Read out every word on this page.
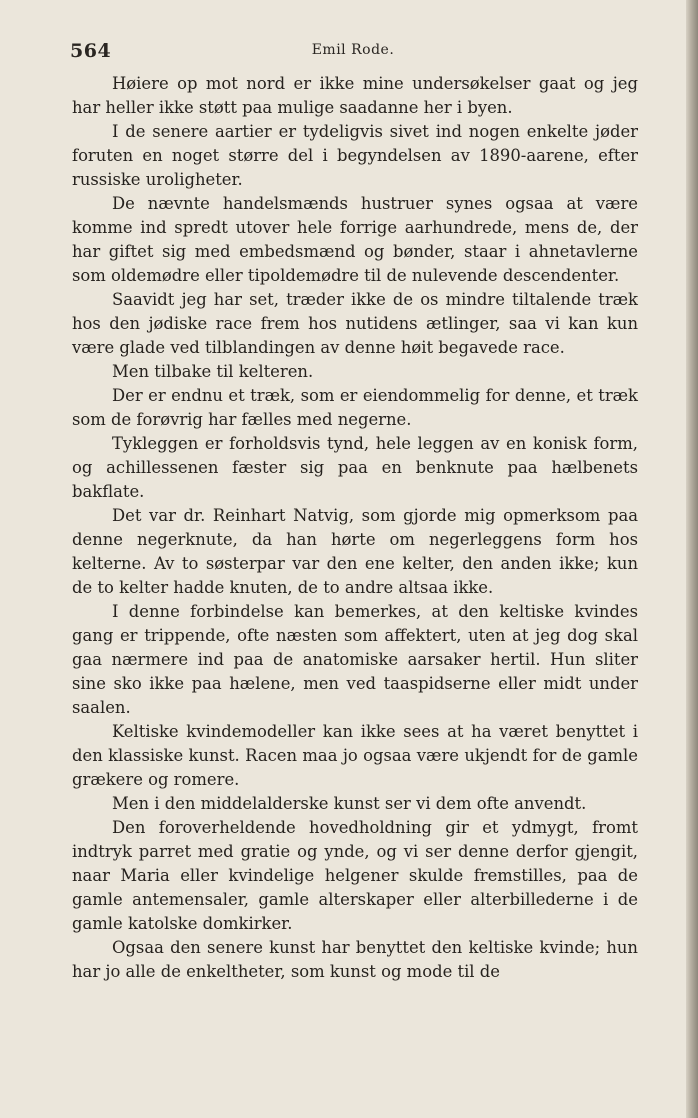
564	Emil Rode.

Høiere op mot nord er ikke mine undersøkelser gaat og jeg har heller ikke støtt paa mulige saadanne her i byen.

I de senere aartier er tydeligvis sivet ind nogen enkelte jøder foruten en noget større del i begyndelsen av 1890-aarene, efter russiske uroligheter.

De nævnte handelsmænds hustruer synes ogsaa at være komme ind spredt utover hele forrige aarhundrede, mens de, der har giftet sig med embedsmænd og bønder, staar i ahnetavlerne som oldemødre eller tipoldemødre til de nulevende descendenter.

Saavidt jeg har set, træder ikke de os mindre tiltalende træk hos den jødiske race frem hos nutidens ætlinger, saa vi kan kun være glade ved tilblandingen av denne høit begavede race.

Men tilbake til kelteren.

Der er endnu et træk, som er eiendommelig for denne, et træk som de forøvrig har fælles med negerne.

Tykleggen er forholdsvis tynd, hele leggen av en konisk form, og achillessenen fæster sig paa en benknute paa hælbenets bakflate.

Det var dr. Reinhart Natvig, som gjorde mig opmerksom paa denne negerknute, da han hørte om negerleggens form hos kelterne. Av to søsterpar var den ene kelter, den anden ikke; kun de to kelter hadde knuten, de to andre altsaa ikke.

I denne forbindelse kan bemerkes, at den keltiske kvindes gang er trippende, ofte næsten som affektert, uten at jeg dog skal gaa nærmere ind paa de anatomiske aarsaker hertil. Hun sliter sine sko ikke paa hælene, men ved taaspidserne eller midt under saalen.

Keltiske kvindemodeller kan ikke sees at ha været benyttet i den klassiske kunst. Racen maa jo ogsaa være ukjendt for de gamle grækere og romere.

Men i den middelalderske kunst ser vi dem ofte anvendt.

Den foroverheldende hovedholdning gir et ydmygt, fromt indtryk parret med gratie og ynde, og vi ser denne derfor gjengit, naar Maria eller kvindelige helgener skulde fremstilles, paa de gamle antemensaler, gamle alterskaper eller alterbillederne i de gamle katolske domkirker.

Ogsaa den senere kunst har benyttet den keltiske kvinde; hun har jo alle de enkeltheter, som kunst og mode til de
